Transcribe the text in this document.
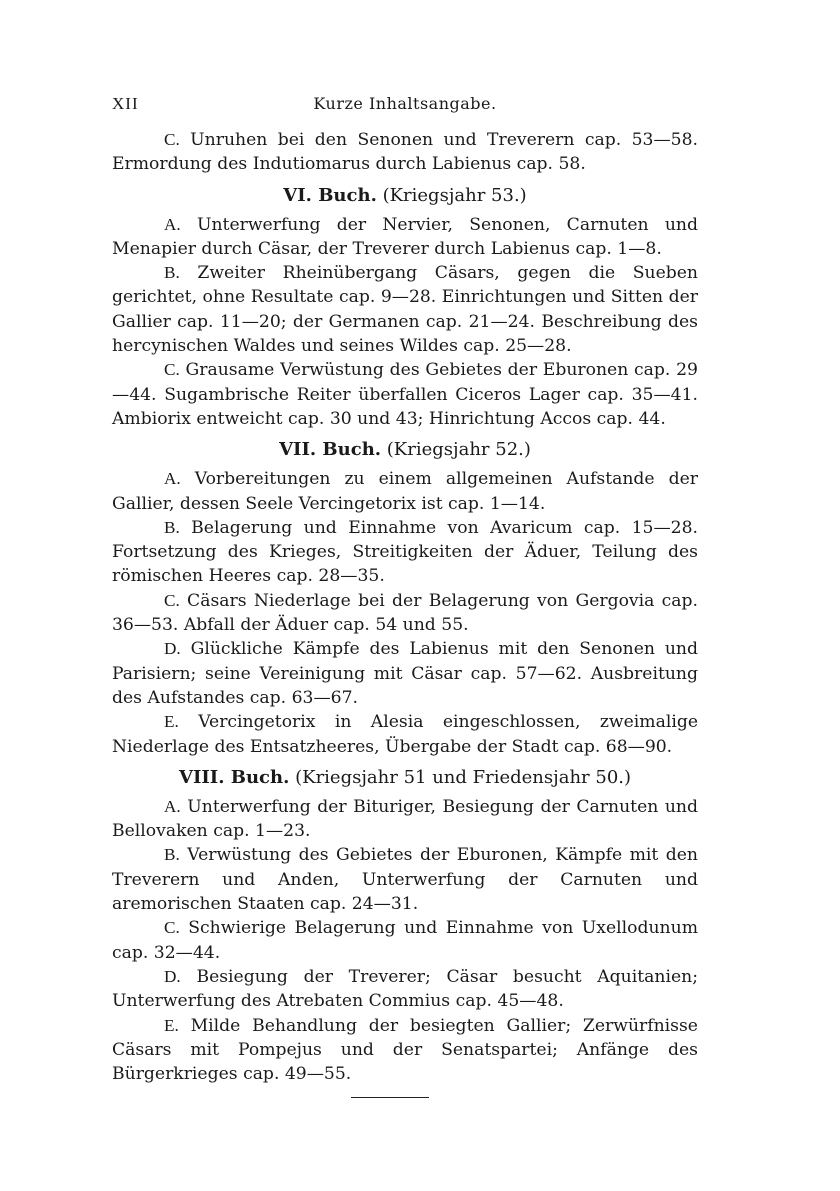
XII	Kurze Inhaltsangabe.

C. Unruhen bei den Senonen und Treverern cap. 53—58. Ermordung des Indutiomarus durch Labienus cap. 58.

VI. Buch. (Kriegsjahr 53.)

A. Unterwerfung der Nervier, Senonen, Carnuten und Menapier durch Cäsar, der Treverer durch Labienus cap. 1—8.

B. Zweiter Rheinübergang Cäsars, gegen die Sueben gerichtet, ohne Resultate cap. 9—28. Einrichtungen und Sitten der Gallier cap. 11—20; der Germanen cap. 21—24. Beschreibung des hercynischen Waldes und seines Wildes cap. 25—28.

C. Grausame Verwüstung des Gebietes der Eburonen cap. 29—44. Sugambrische Reiter überfallen Ciceros Lager cap. 35—41. Ambiorix entweicht cap. 30 und 43; Hinrichtung Accos cap. 44.

VII. Buch. (Kriegsjahr 52.)

A. Vorbereitungen zu einem allgemeinen Aufstande der Gallier, dessen Seele Vercingetorix ist cap. 1—14.

B. Belagerung und Einnahme von Avaricum cap. 15—28. Fortsetzung des Krieges, Streitigkeiten der Äduer, Teilung des römischen Heeres cap. 28—35.

C. Cäsars Niederlage bei der Belagerung von Gergovia cap. 36—53. Abfall der Äduer cap. 54 und 55.

D. Glückliche Kämpfe des Labienus mit den Senonen und Parisiern; seine Vereinigung mit Cäsar cap. 57—62. Ausbreitung des Aufstandes cap. 63—67.

E. Vercingetorix in Alesia eingeschlossen, zweimalige Niederlage des Entsatzheeres, Übergabe der Stadt cap. 68—90.

VIII. Buch. (Kriegsjahr 51 und Friedensjahr 50.)

A. Unterwerfung der Bituriger, Besiegung der Carnuten und Bellovaken cap. 1—23.

B. Verwüstung des Gebietes der Eburonen, Kämpfe mit den Treverern und Anden, Unterwerfung der Carnuten und aremorischen Staaten cap. 24—31.

C. Schwierige Belagerung und Einnahme von Uxellodunum cap. 32—44.

D. Besiegung der Treverer; Cäsar besucht Aquitanien; Unterwerfung des Atrebaten Commius cap. 45—48.

E. Milde Behandlung der besiegten Gallier; Zerwürfnisse Cäsars mit Pompejus und der Senatspartei; Anfänge des Bürgerkrieges cap. 49—55.
